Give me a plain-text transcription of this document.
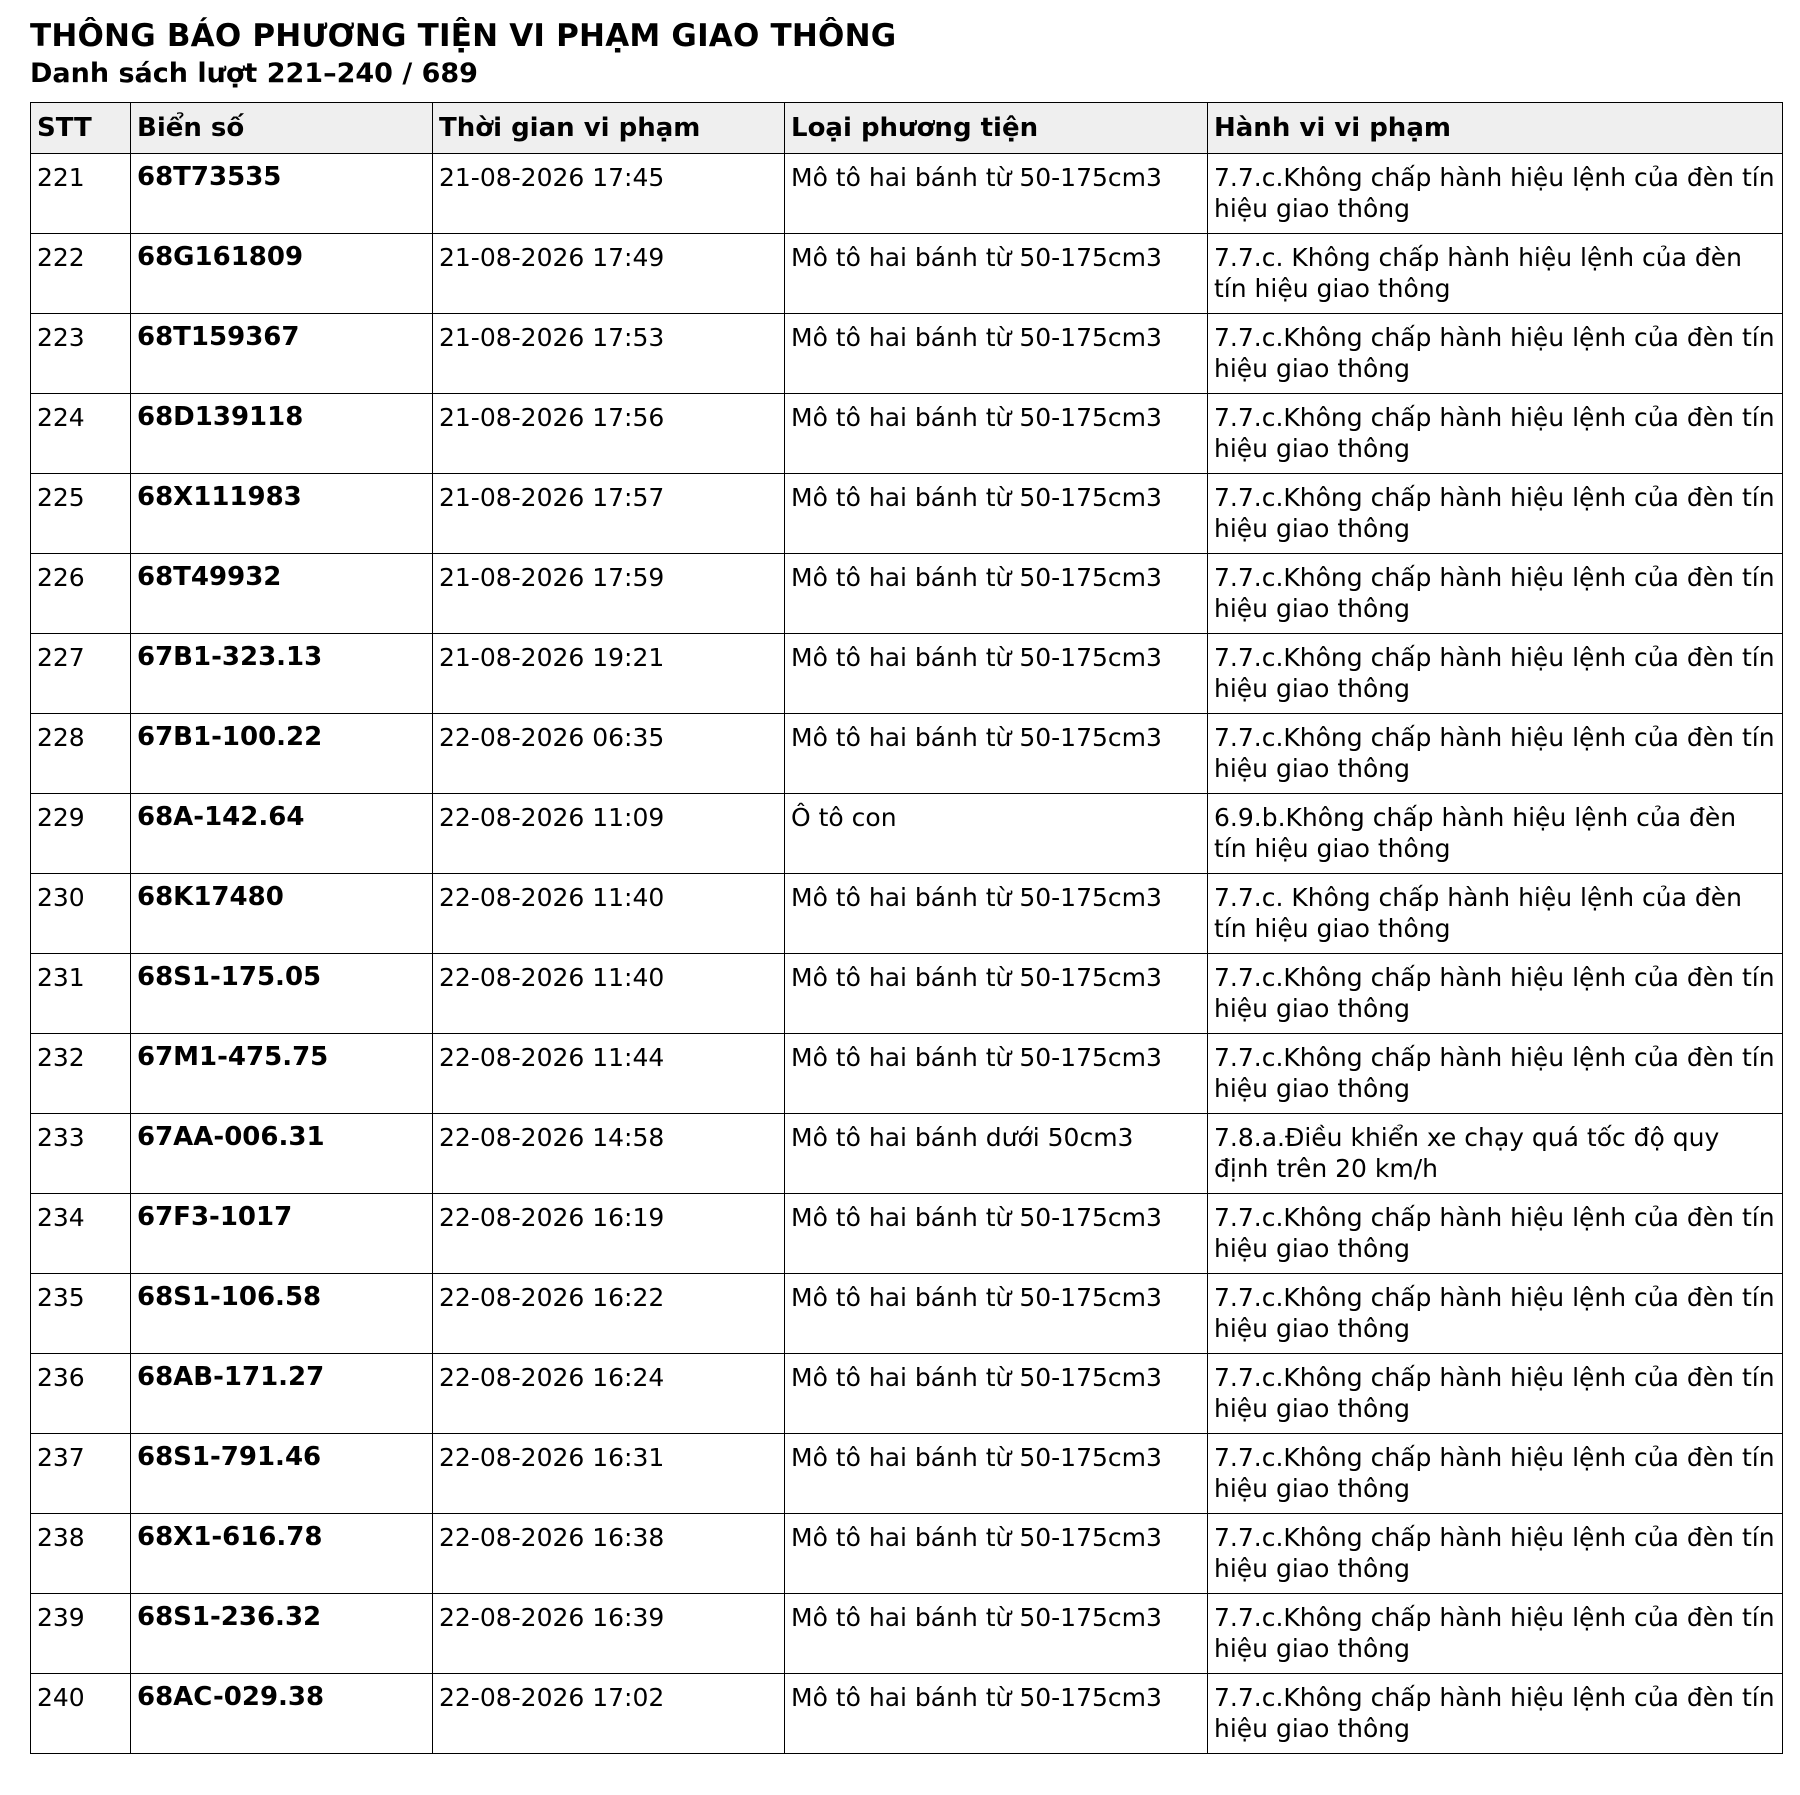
THÔNG BÁO PHƯƠNG TIỆN VI PHẠM GIAO THÔNG
Danh sách lượt 221–240 / 689
STT	Biển số	Thời gian vi phạm	Loại phương tiện	Hành vi vi phạm
221	68T73535	21-08-2026 17:45	Mô tô hai bánh từ 50-175cm3	7.7.c.Không chấp hành hiệu lệnh của đèn tín hiệu giao thông
222	68G161809	21-08-2026 17:49	Mô tô hai bánh từ 50-175cm3	7.7.c. Không chấp hành hiệu lệnh của đèn tín hiệu giao thông
223	68T159367	21-08-2026 17:53	Mô tô hai bánh từ 50-175cm3	7.7.c.Không chấp hành hiệu lệnh của đèn tín hiệu giao thông
224	68D139118	21-08-2026 17:56	Mô tô hai bánh từ 50-175cm3	7.7.c.Không chấp hành hiệu lệnh của đèn tín hiệu giao thông
225	68X111983	21-08-2026 17:57	Mô tô hai bánh từ 50-175cm3	7.7.c.Không chấp hành hiệu lệnh của đèn tín hiệu giao thông
226	68T49932	21-08-2026 17:59	Mô tô hai bánh từ 50-175cm3	7.7.c.Không chấp hành hiệu lệnh của đèn tín hiệu giao thông
227	67B1-323.13	21-08-2026 19:21	Mô tô hai bánh từ 50-175cm3	7.7.c.Không chấp hành hiệu lệnh của đèn tín hiệu giao thông
228	67B1-100.22	22-08-2026 06:35	Mô tô hai bánh từ 50-175cm3	7.7.c.Không chấp hành hiệu lệnh của đèn tín hiệu giao thông
229	68A-142.64	22-08-2026 11:09	Ô tô con	6.9.b.Không chấp hành hiệu lệnh của đèn tín hiệu giao thông
230	68K17480	22-08-2026 11:40	Mô tô hai bánh từ 50-175cm3	7.7.c. Không chấp hành hiệu lệnh của đèn tín hiệu giao thông
231	68S1-175.05	22-08-2026 11:40	Mô tô hai bánh từ 50-175cm3	7.7.c.Không chấp hành hiệu lệnh của đèn tín hiệu giao thông
232	67M1-475.75	22-08-2026 11:44	Mô tô hai bánh từ 50-175cm3	7.7.c.Không chấp hành hiệu lệnh của đèn tín hiệu giao thông
233	67AA-006.31	22-08-2026 14:58	Mô tô hai bánh dưới 50cm3	7.8.a.Điều khiển xe chạy quá tốc độ quy định trên 20 km/h
234	67F3-1017	22-08-2026 16:19	Mô tô hai bánh từ 50-175cm3	7.7.c.Không chấp hành hiệu lệnh của đèn tín hiệu giao thông
235	68S1-106.58	22-08-2026 16:22	Mô tô hai bánh từ 50-175cm3	7.7.c.Không chấp hành hiệu lệnh của đèn tín hiệu giao thông
236	68AB-171.27	22-08-2026 16:24	Mô tô hai bánh từ 50-175cm3	7.7.c.Không chấp hành hiệu lệnh của đèn tín hiệu giao thông
237	68S1-791.46	22-08-2026 16:31	Mô tô hai bánh từ 50-175cm3	7.7.c.Không chấp hành hiệu lệnh của đèn tín hiệu giao thông
238	68X1-616.78	22-08-2026 16:38	Mô tô hai bánh từ 50-175cm3	7.7.c.Không chấp hành hiệu lệnh của đèn tín hiệu giao thông
239	68S1-236.32	22-08-2026 16:39	Mô tô hai bánh từ 50-175cm3	7.7.c.Không chấp hành hiệu lệnh của đèn tín hiệu giao thông
240	68AC-029.38	22-08-2026 17:02	Mô tô hai bánh từ 50-175cm3	7.7.c.Không chấp hành hiệu lệnh của đèn tín hiệu giao thông
